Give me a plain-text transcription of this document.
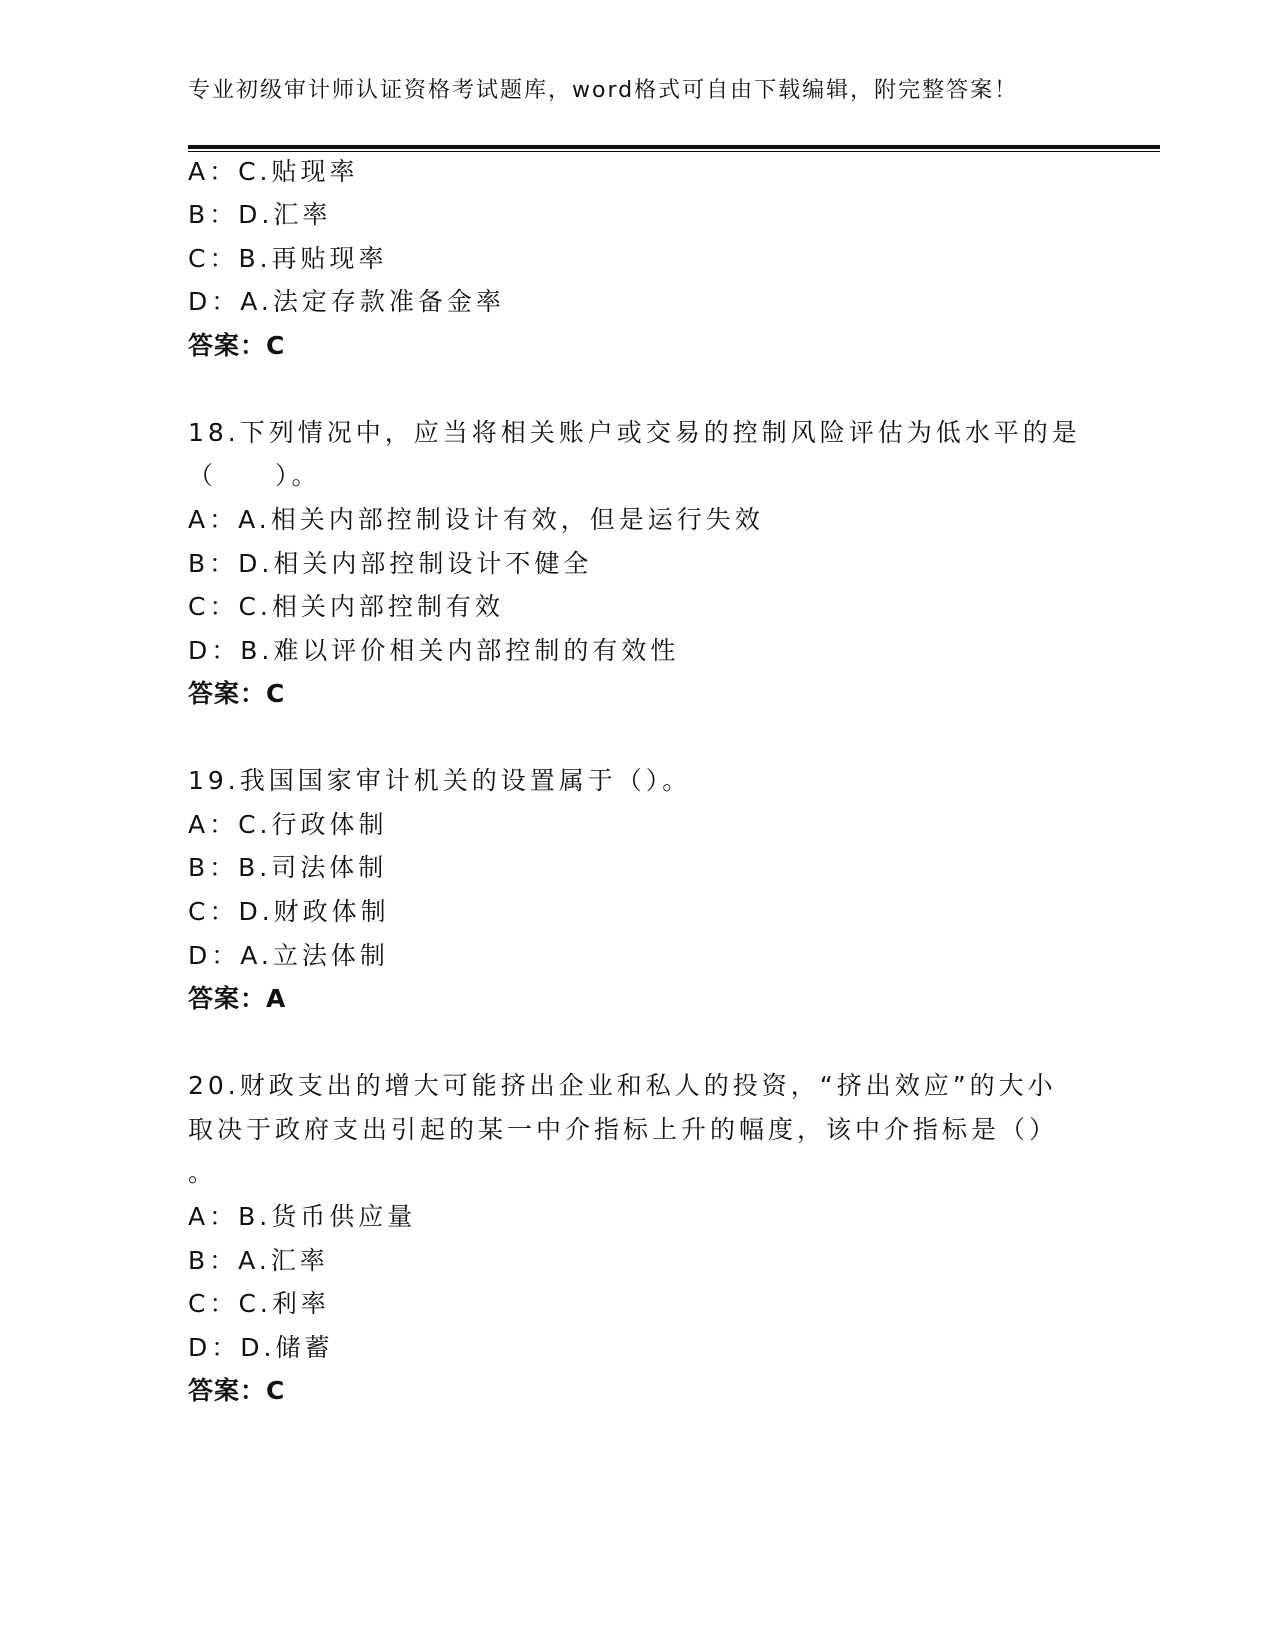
专业初级审计师认证资格考试题库，word格式可自由下载编辑，附完整答案！
A：C.贴现率
B：D.汇率
C：B.再贴现率
D：A.法定存款准备金率
答案：C
18.下列情况中，应当将相关账户或交易的控制风险评估为低水平的是
（　　）。
A：A.相关内部控制设计有效，但是运行失效
B：D.相关内部控制设计不健全
C：C.相关内部控制有效
D：B.难以评价相关内部控制的有效性
答案：C
19.我国国家审计机关的设置属于（）。
A：C.行政体制
B：B.司法体制
C：D.财政体制
D：A.立法体制
答案：A
20.财政支出的增大可能挤出企业和私人的投资，“挤出效应”的大小
取决于政府支出引起的某一中介指标上升的幅度，该中介指标是（）
。
A：B.货币供应量
B：A.汇率
C：C.利率
D：D.储蓄
答案：C
